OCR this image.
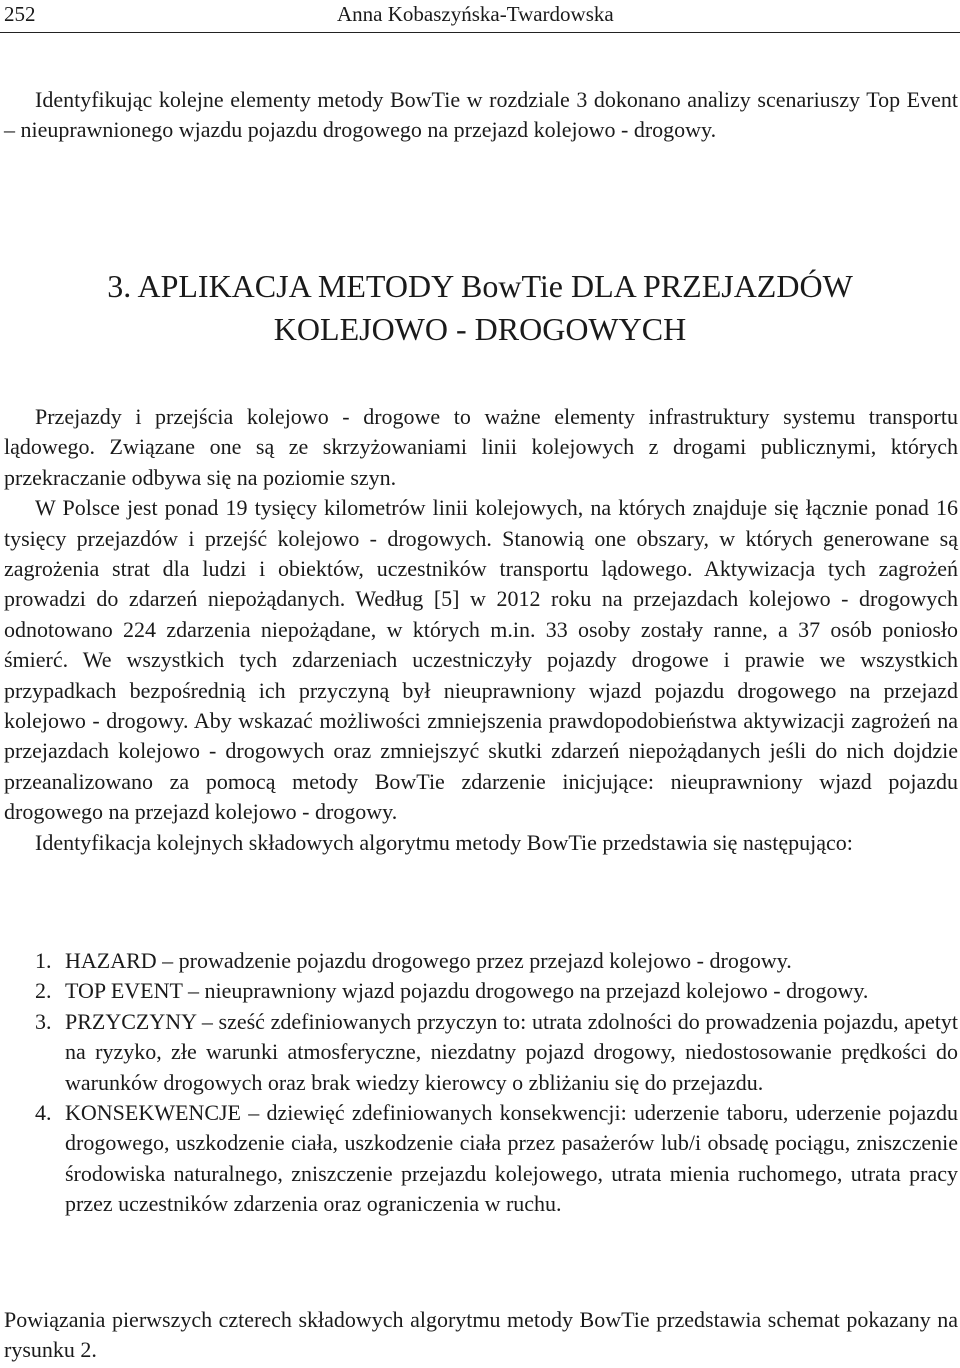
252	Anna Kobaszyńska-Twardowska

Identyfikując kolejne elementy metody BowTie w rozdziale 3 dokonano analizy scenariuszy Top Event – nieuprawnionego wjazdu pojazdu drogowego na przejazd kolejowo - drogowy.

3. APLIKACJA METODY BowTie DLA PRZEJAZDÓW
KOLEJOWO - DROGOWYCH
Przejazdy i przejścia kolejowo - drogowe to ważne elementy infrastruktury systemu transportu lądowego. Związane one są ze skrzyżowaniami linii kolejowych z drogami publicznymi, których przekraczanie odbywa się na poziomie szyn.
W Polsce jest ponad 19 tysięcy kilometrów linii kolejowych, na których znajduje się łącznie ponad 16 tysięcy przejazdów i przejść kolejowo - drogowych. Stanowią one obszary, w których generowane są zagrożenia strat dla ludzi i obiektów, uczestników transportu lądowego. Aktywizacja tych zagrożeń prowadzi do zdarzeń niepożądanych. Według [5] w 2012 roku na przejazdach kolejowo - drogowych odnotowano 224 zdarzenia niepożądane, w których m.in. 33 osoby zostały ranne, a 37 osób poniosło śmierć. We wszystkich tych zdarzeniach uczestniczyły pojazdy drogowe i prawie we wszystkich przypadkach bezpośrednią ich przyczyną był nieuprawniony wjazd pojazdu drogowego na przejazd kolejowo - drogowy. Aby wskazać możliwości zmniejszenia prawdopodobieństwa aktywizacji zagrożeń na przejazdach kolejowo - drogowych oraz zmniejszyć skutki zdarzeń niepożądanych jeśli do nich dojdzie przeanalizowano za pomocą metody BowTie zdarzenie inicjujące: nieuprawniony wjazd pojazdu drogowego na przejazd kolejowo - drogowy.
Identyfikacja kolejnych składowych algorytmu metody BowTie przedstawia się następująco:
1. HAZARD – prowadzenie pojazdu drogowego przez przejazd kolejowo - drogowy.
2. TOP EVENT – nieuprawniony wjazd pojazdu drogowego na przejazd kolejowo - drogowy.
3. PRZYCZYNY – sześć zdefiniowanych przyczyn to: utrata zdolności do prowadzenia pojazdu, apetyt na ryzyko, złe warunki atmosferyczne, niezdatny pojazd drogowy, niedostosowanie prędkości do warunków drogowych oraz brak wiedzy kierowcy o zbliżaniu się do przejazdu.
4. KONSEKWENCJE – dziewięć zdefiniowanych konsekwencji: uderzenie taboru, uderzenie pojazdu drogowego, uszkodzenie ciała, uszkodzenie ciała przez pasażerów lub/i obsadę pociągu, zniszczenie środowiska naturalnego, zniszczenie przejazdu kolejowego, utrata mienia ruchomego, utrata pracy przez uczestników zdarzenia oraz ograniczenia w ruchu.

Powiązania pierwszych czterech składowych algorytmu metody BowTie przedstawia schemat pokazany na rysunku 2.
